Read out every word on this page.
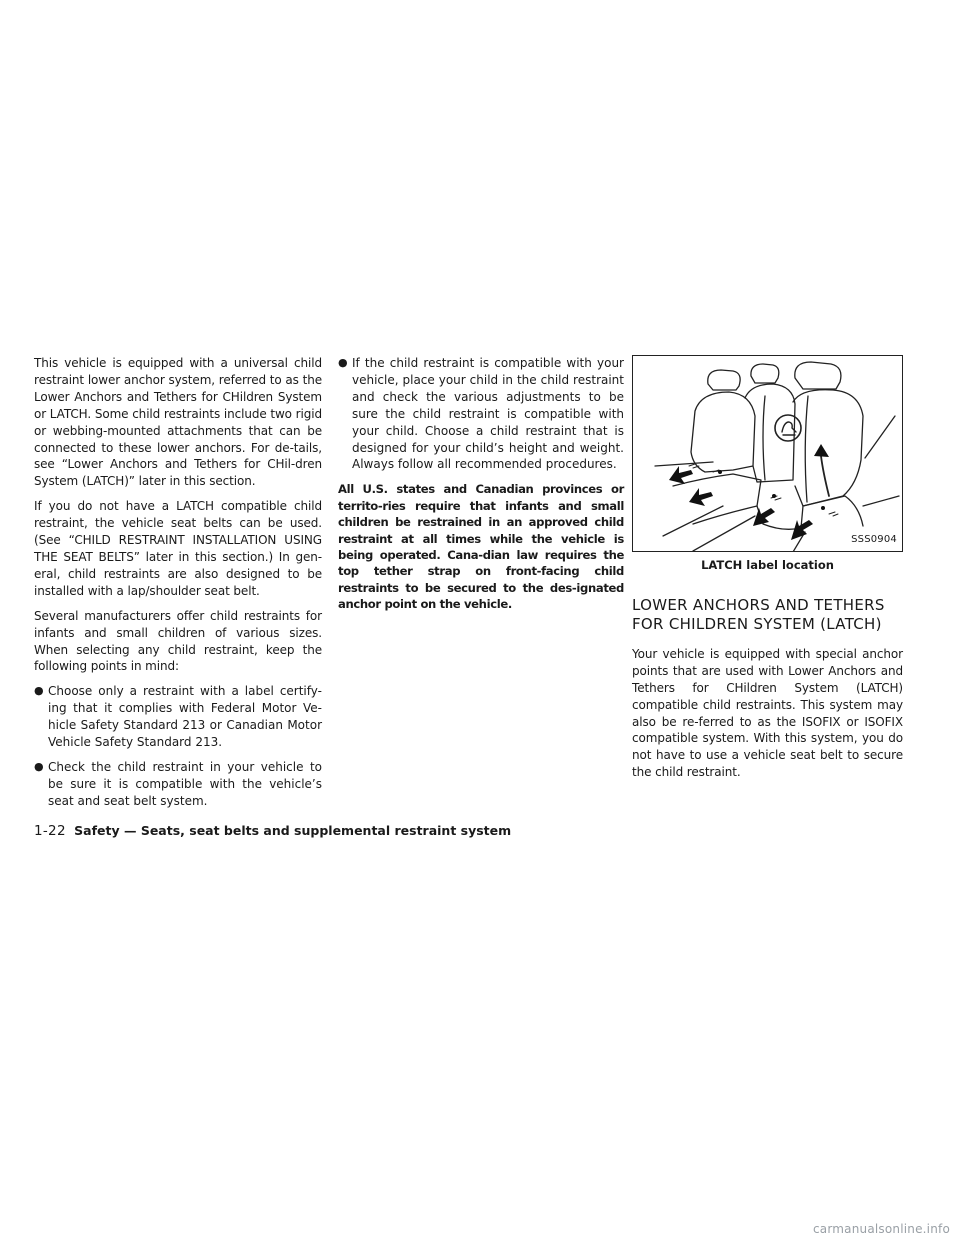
This vehicle is equipped with a universal child restraint lower anchor system, referred to as the Lower Anchors and Tethers for CHildren System or LATCH. Some child restraints include two rigid or webbing-mounted attachments that can be connected to these lower anchors. For de-tails, see “Lower Anchors and Tethers for CHil-dren System (LATCH)” later in this section.

If you do not have a LATCH compatible child restraint, the vehicle seat belts can be used. (See “CHILD RESTRAINT INSTALLATION USING THE SEAT BELTS” later in this section.) In gen-eral, child restraints are also designed to be installed with a lap/shoulder seat belt.

Several manufacturers offer child restraints for infants and small children of various sizes. When selecting any child restraint, keep the following points in mind:

● Choose only a restraint with a label certify-ing that it complies with Federal Motor Ve-hicle Safety Standard 213 or Canadian Motor Vehicle Safety Standard 213.
● Check the child restraint in your vehicle to be sure it is compatible with the vehicle’s seat and seat belt system.
● If the child restraint is compatible with your vehicle, place your child in the child restraint and check the various adjustments to be sure the child restraint is compatible with your child. Choose a child restraint that is designed for your child’s height and weight. Always follow all recommended procedures.

All U.S. states and Canadian provinces or territo-ries require that infants and small children be restrained in an approved child restraint at all times while the vehicle is being operated. Cana-dian law requires the top tether strap on front-facing child restraints to be secured to the des-ignated anchor point on the vehicle.

SSS0904
LATCH label location
LOWER ANCHORS AND TETHERS FOR CHILDREN SYSTEM (LATCH)

Your vehicle is equipped with special anchor points that are used with Lower Anchors and Tethers for CHildren System (LATCH) compatible child restraints. This system may also be re-ferred to as the ISOFIX or ISOFIX compatible system. With this system, you do not have to use a vehicle seat belt to secure the child restraint.

1-22 Safety — Seats, seat belts and supplemental restraint system
carmanualsonline.info
